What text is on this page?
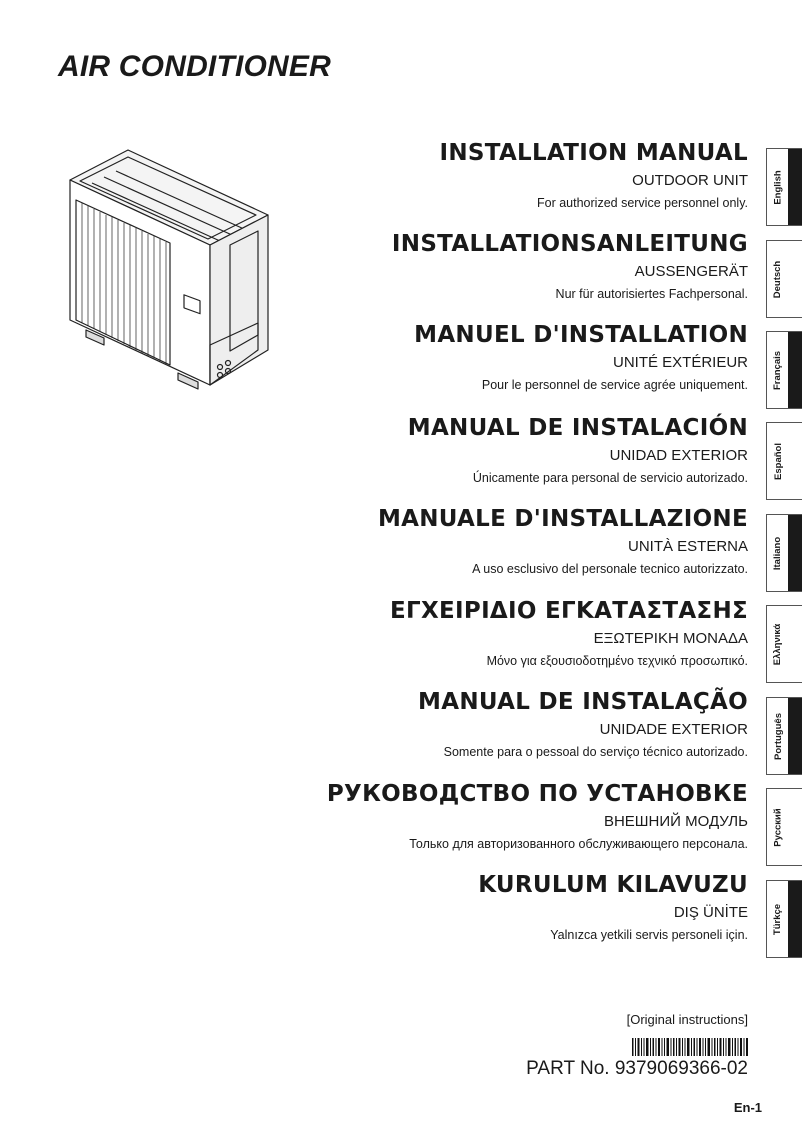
AIR CONDITIONER
INSTALLATION MANUAL
OUTDOOR UNIT
For authorized service personnel only.
INSTALLATIONSANLEITUNG
AUSSENGERÄT
Nur für autorisiertes Fachpersonal.
MANUEL D'INSTALLATION
UNITÉ EXTÉRIEUR
Pour le personnel de service agrée uniquement.
MANUAL DE INSTALACIÓN
UNIDAD EXTERIOR
Únicamente para personal de servicio autorizado.
MANUALE D'INSTALLAZIONE
UNITÀ ESTERNA
A uso esclusivo del personale tecnico autorizzato.
ΕΓΧΕΙΡΙΔΙΟ ΕΓΚΑΤΑΣΤΑΣΗΣ
ΕΞΩΤΕΡΙΚΗ ΜΟΝΑΔΑ
Μόνο για εξουσιοδοτημένο τεχνικό προσωπικό.
MANUAL DE INSTALAÇÃO
UNIDADE EXTERIOR
Somente para o pessoal do serviço técnico autorizado.
РУКОВОДСТВО ПО УСТАНОВКЕ
ВНЕШНИЙ МОДУЛЬ
Только для авторизованного обслуживающего персонала.
KURULUM KILAVUZU
DIŞ ÜNİTE
Yalnızca yetkili servis personeli için.
English
Deutsch
Français
Español
Italiano
Ελληνικά
Português
Русский
Türkçe
[Original instructions]
PART No. 9379069366-02
En-1
